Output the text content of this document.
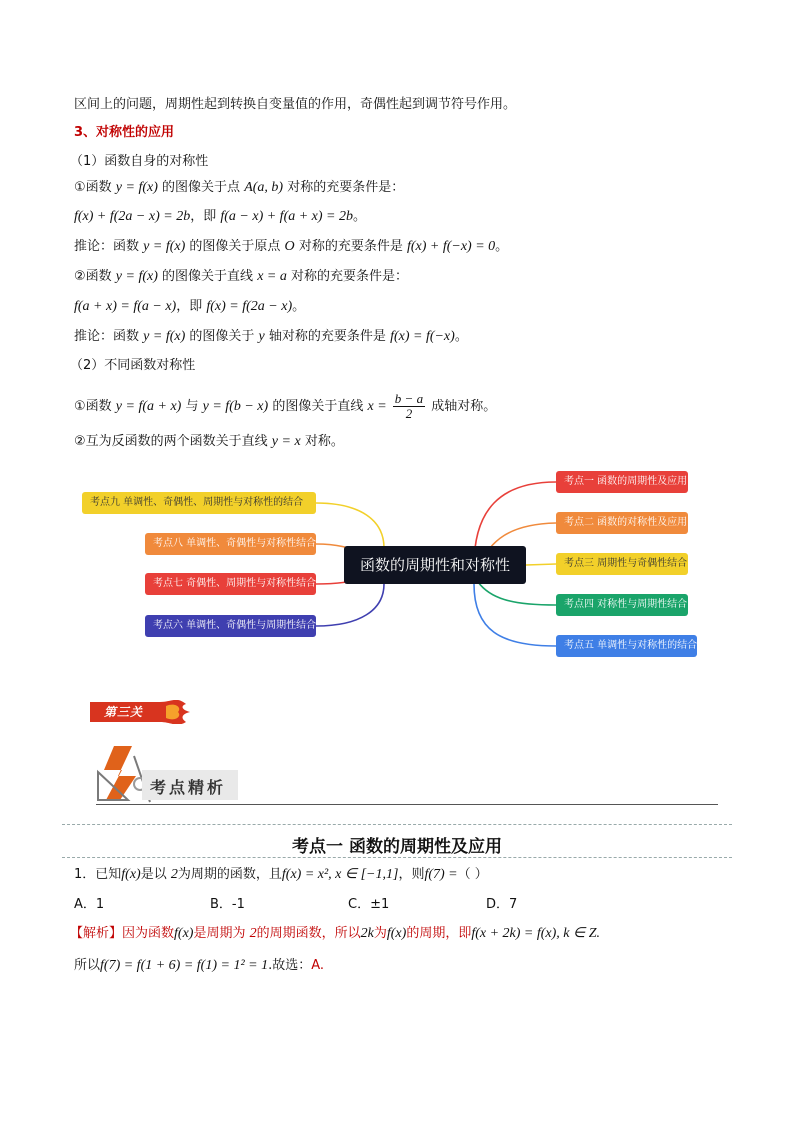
区间上的问题，周期性起到转换自变量值的作用，奇偶性起到调节符号作用。
3、对称性的应用
（1）函数自身的对称性
①函数 y = f(x) 的图像关于点 A(a, b) 对称的充要条件是：
f(x) + f(2a − x) = 2b，即 f(a − x) + f(a + x) = 2b。
推论：函数 y = f(x) 的图像关于原点 O 对称的充要条件是 f(x) + f(−x) = 0。
②函数 y = f(x) 的图像关于直线 x = a 对称的充要条件是：
f(a + x) = f(a − x)，即 f(x) = f(2a − x)。
推论：函数 y = f(x) 的图像关于 y 轴对称的充要条件是 f(x) = f(−x)。
（2）不同函数对称性
①函数 y = f(a + x) 与 y = f(b − x) 的图像关于直线 $x = \frac{b - a}{2}$ 成轴对称。
②互为反函数的两个函数关于直线 y = x 对称。
函数的周期性和对称性
考点一 函数的周期性及应用
考点二 函数的对称性及应用
考点三 周期性与奇偶性结合
考点四 对称性与周期性结合
考点五 单调性与对称性的结合
考点九 单调性、奇偶性、周期性与对称性的结合
考点八 单调性、奇偶性与对称性结合
考点七 奇偶性、周期性与对称性结合
考点六 单调性、奇偶性与周期性结合
第三关
考点精析
考点一 函数的周期性及应用
1．已知f(x)是以 2为周期的函数，且f(x) = x², x ∈ [−1,1]，则f(7) =（ ）
A．1	B．-1	C．±1	D．7
【解析】因为函数f(x)是周期为 2的周期函数，所以2k为f(x)的周期，即f(x + 2k) = f(x), k ∈ Z.
所以f(7) = f(1 + 6) = f(1) = 1² = 1.故选：A.
